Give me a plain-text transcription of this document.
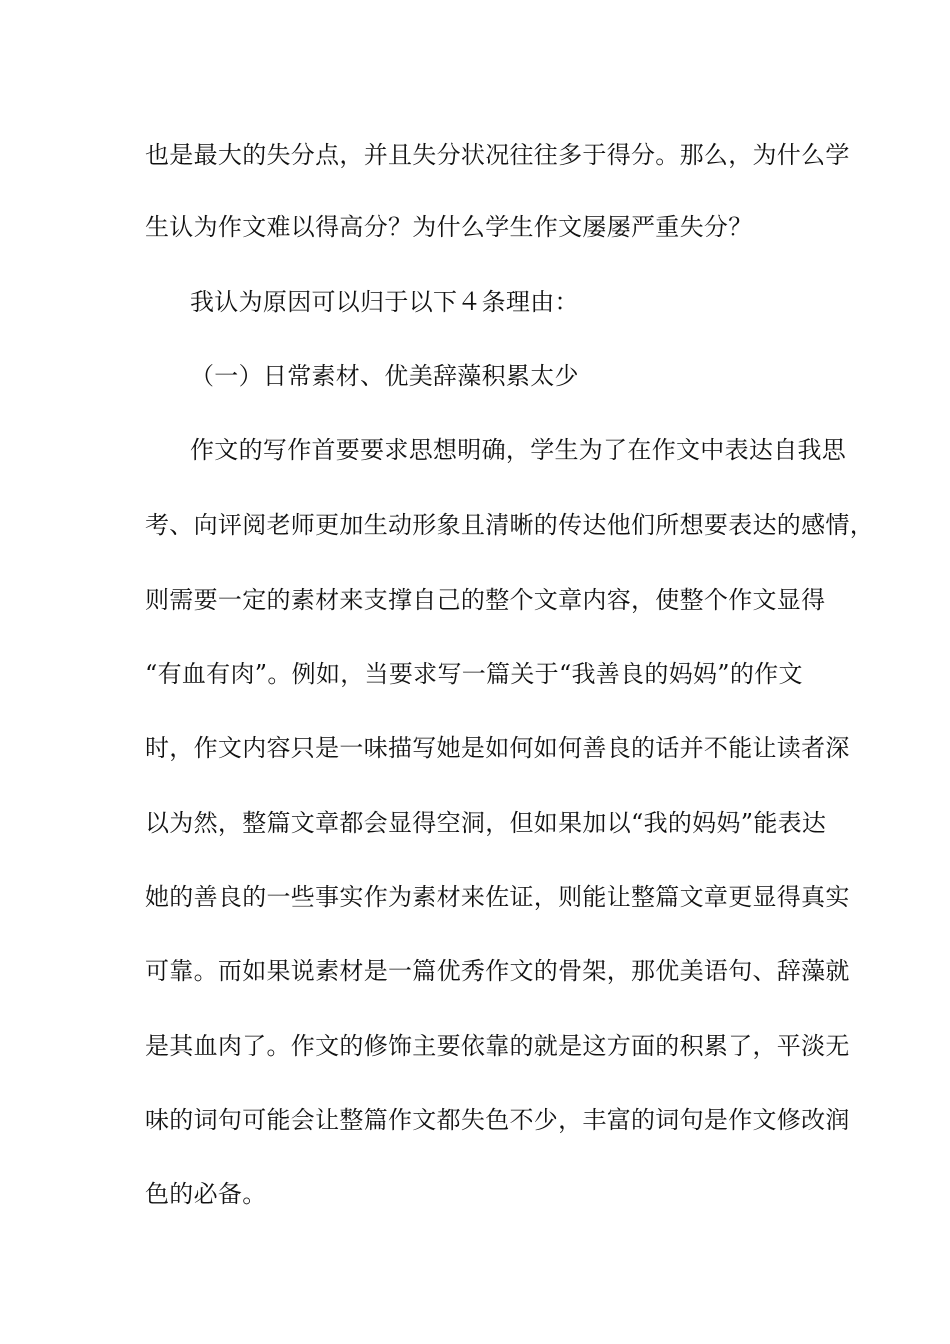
也是最大的失分点，并且失分状况往往多于得分。那么，为什么学
生认为作文难以得高分？为什么学生作文屡屡严重失分？
我认为原因可以归于以下４条理由：
（一）日常素材、优美辞藻积累太少
作文的写作首要要求思想明确，学生为了在作文中表达自我思
考、向评阅老师更加生动形象且清晰的传达他们所想要表达的感情，
则需要一定的素材来支撑自己的整个文章内容，使整个作文显得
“有血有肉”。例如，当要求写一篇关于“我善良的妈妈”的作文
时，作文内容只是一味描写她是如何如何善良的话并不能让读者深
以为然，整篇文章都会显得空洞，但如果加以“我的妈妈”能表达
她的善良的一些事实作为素材来佐证，则能让整篇文章更显得真实
可靠。而如果说素材是一篇优秀作文的骨架，那优美语句、辞藻就
是其血肉了。作文的修饰主要依靠的就是这方面的积累了，平淡无
味的词句可能会让整篇作文都失色不少，丰富的词句是作文修改润
色的必备。
